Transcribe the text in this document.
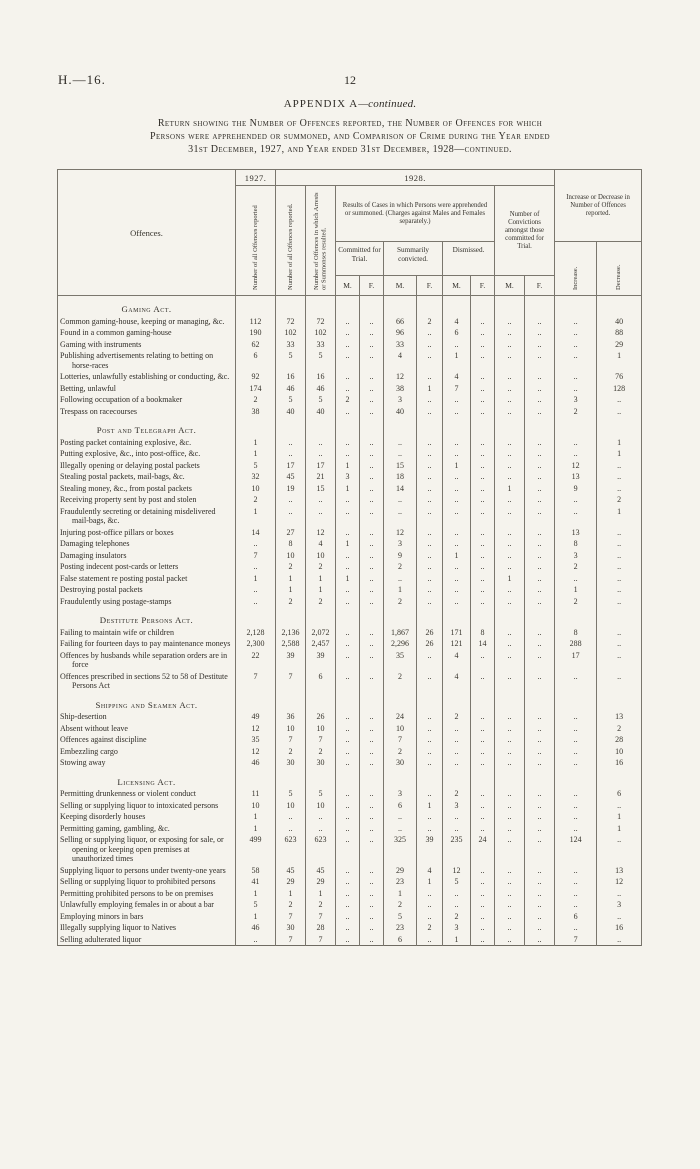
H.—16.	12
APPENDIX A—continued.
Return showing the Number of Offences reported, the Number of Offences for which
Persons were apprehended or summoned, and Comparison of Crime during the Year ended
31st December, 1927, and Year ended 31st December, 1928—continued.
Offences.	1927.	1928.										Increase or Decrease in Number of Offences reported.	
	Number of all Offences reported	Number of all Offences reported.	Number of Offences in which Arrests or Summonses resulted.	Results of Cases in which Persons were apprehended or summoned. (Charges against Males and Females separately.)						Number of Convictions amongst those committed for Trial.			
				Committed for Trial.		Summarily convicted.		Dismissed.				Increase.	Decrease.
				M.	F.	M.	F.	M.	F.	M.	F.		
Gaming Act.													
Common gaming-house, keeping or managing, &c.	112	72	72	..	..	66	2	4	..	..	..	..	40
Found in a common gaming-house	190	102	102	..	..	96	..	6	..	..	..	..	88
Gaming with instruments	62	33	33	..	..	33	..	..	..	..	..	..	29
Publishing advertisements relating to betting on horse-races	6	5	5	..	..	4	..	1	..	..	..	..	1
Lotteries, unlawfully establishing or conducting, &c.	92	16	16	..	..	12	..	4	..	..	..	..	76
Betting, unlawful	174	46	46	..	..	38	1	7	..	..	..	..	128
Following occupation of a bookmaker	2	5	5	2	..	3	..	..	..	..	..	3	..
Trespass on racecourses	38	40	40	..	..	40	..	..	..	..	..	2	..
Post and Telegraph Act.													
Posting packet containing explosive, &c.	1	..	..	..	..	..	..	..	..	..	..	..	1
Putting explosive, &c., into post-office, &c.	1	..	..	..	..	..	..	..	..	..	..	..	1
Illegally opening or delaying postal packets	5	17	17	1	..	15	..	1	..	..	..	12	..
Stealing postal packets, mail-bags, &c.	32	45	21	3	..	18	..	..	..	..	..	13	..
Stealing money, &c., from postal packets	10	19	15	1	..	14	..	..	..	1	..	9	..
Receiving property sent by post and stolen	2	..	..	..	..	..	..	..	..	..	..	..	2
Fraudulently secreting or detaining misdelivered mail-bags, &c.	1	..	..	..	..	..	..	..	..	..	..	..	1
Injuring post-office pillars or boxes	14	27	12	..	..	12	..	..	..	..	..	13	..
Damaging telephones	..	8	4	1	..	3	..	..	..	..	..	8	..
Damaging insulators	7	10	10	..	..	9	..	1	..	..	..	3	..
Posting indecent post-cards or letters	..	2	2	..	..	2	..	..	..	..	..	2	..
False statement re posting postal packet	1	1	1	1	..	..	..	..	..	1	..	..	..
Destroying postal packets	..	1	1	..	..	1	..	..	..	..	..	1	..
Fraudulently using postage-stamps	..	2	2	..	..	2	..	..	..	..	..	2	..
Destitute Persons Act.													
Failing to maintain wife or children	2,128	2,136	2,072	..	..	1,867	26	171	8	..	..	8	..
Failing for fourteen days to pay maintenance moneys	2,300	2,588	2,457	..	..	2,296	26	121	14	..	..	288	..
Offences by husbands while separation orders are in force	22	39	39	..	..	35	..	4	..	..	..	17	..
Offences prescribed in sections 52 to 58 of Destitute Persons Act	7	7	6	..	..	2	..	4	..	..	..	..	..
Shipping and Seamen Act.													
Ship-desertion	49	36	26	..	..	24	..	2	..	..	..	..	13
Absent without leave	12	10	10	..	..	10	..	..	..	..	..	..	2
Offences against discipline	35	7	7	..	..	7	..	..	..	..	..	..	28
Embezzling cargo	12	2	2	..	..	2	..	..	..	..	..	..	10
Stowing away	46	30	30	..	..	30	..	..	..	..	..	..	16
Licensing Act.													
Permitting drunkenness or violent conduct	11	5	5	..	..	3	..	2	..	..	..	..	6
Selling or supplying liquor to intoxicated persons	10	10	10	..	..	6	1	3	..	..	..	..	..
Keeping disorderly houses	1	..	..	..	..	..	..	..	..	..	..	..	1
Permitting gaming, gambling, &c.	1	..	..	..	..	..	..	..	..	..	..	..	1
Selling or supplying liquor, or exposing for sale, or opening or keeping open premises at unauthorized times	499	623	623	..	..	325	39	235	24	..	..	124	..
Supplying liquor to persons under twenty-one years	58	45	45	..	..	29	4	12	..	..	..	..	13
Selling or supplying liquor to prohibited persons	41	29	29	..	..	23	1	5	..	..	..	..	12
Permitting prohibited persons to be on premises	1	1	1	..	..	1	..	..	..	..	..	..	..
Unlawfully employing females in or about a bar	5	2	2	..	..	2	..	..	..	..	..	..	3
Employing minors in bars	1	7	7	..	..	5	..	2	..	..	..	6	..
Illegally supplying liquor to Natives	46	30	28	..	..	23	2	3	..	..	..	..	16
Selling adulterated liquor	..	7	7	..	..	6	..	1	..	..	..	7	..
